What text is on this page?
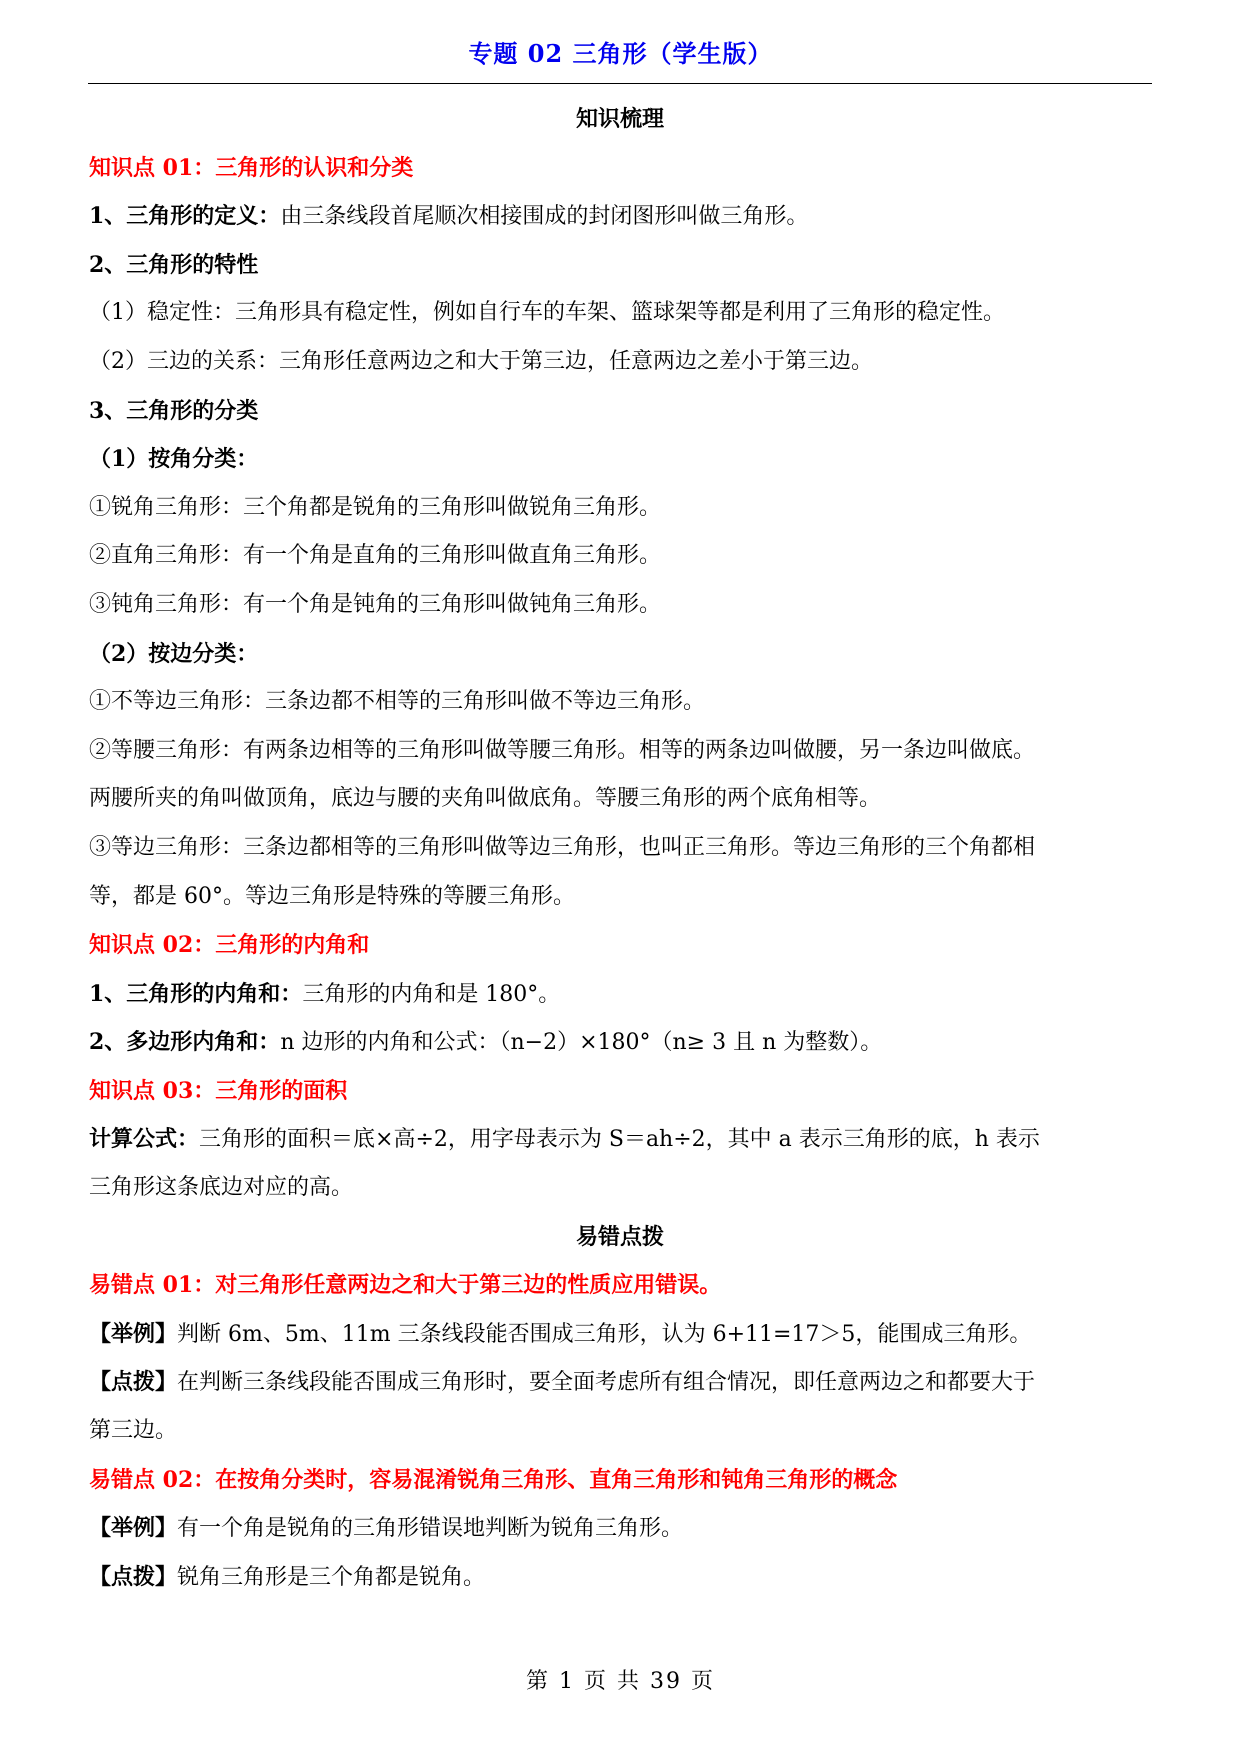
专题 02 三角形（学生版）
知识梳理
知识点 01：三角形的认识和分类
1、三角形的定义：由三条线段首尾顺次相接围成的封闭图形叫做三角形。
2、三角形的特性
（1）稳定性：三角形具有稳定性，例如自行车的车架、篮球架等都是利用了三角形的稳定性。
（2）三边的关系：三角形任意两边之和大于第三边，任意两边之差小于第三边。
3、三角形的分类
（1）按角分类：
①锐角三角形：三个角都是锐角的三角形叫做锐角三角形。
②直角三角形：有一个角是直角的三角形叫做直角三角形。
③钝角三角形：有一个角是钝角的三角形叫做钝角三角形。
（2）按边分类：
①不等边三角形：三条边都不相等的三角形叫做不等边三角形。
②等腰三角形：有两条边相等的三角形叫做等腰三角形。相等的两条边叫做腰，另一条边叫做底。
两腰所夹的角叫做顶角，底边与腰的夹角叫做底角。等腰三角形的两个底角相等。
③等边三角形：三条边都相等的三角形叫做等边三角形，也叫正三角形。等边三角形的三个角都相
等，都是 60°。等边三角形是特殊的等腰三角形。
知识点 02：三角形的内角和
1、三角形的内角和：三角形的内角和是 180°。
2、多边形内角和：n 边形的内角和公式：（n−2）×180°（n≥ 3 且 n 为整数）。
知识点 03：三角形的面积
计算公式：三角形的面积＝底×高÷2，用字母表示为 S＝ah÷2，其中 a 表示三角形的底，h 表示
三角形这条底边对应的高。
易错点拨
易错点 01：对三角形任意两边之和大于第三边的性质应用错误。
【举例】判断 6m、5m、11m 三条线段能否围成三角形，认为 6+11=17＞5，能围成三角形。
【点拨】在判断三条线段能否围成三角形时，要全面考虑所有组合情况，即任意两边之和都要大于
第三边。
易错点 02：在按角分类时，容易混淆锐角三角形、直角三角形和钝角三角形的概念
【举例】有一个角是锐角的三角形错误地判断为锐角三角形。
【点拨】锐角三角形是三个角都是锐角。
第 1 页 共 39 页
